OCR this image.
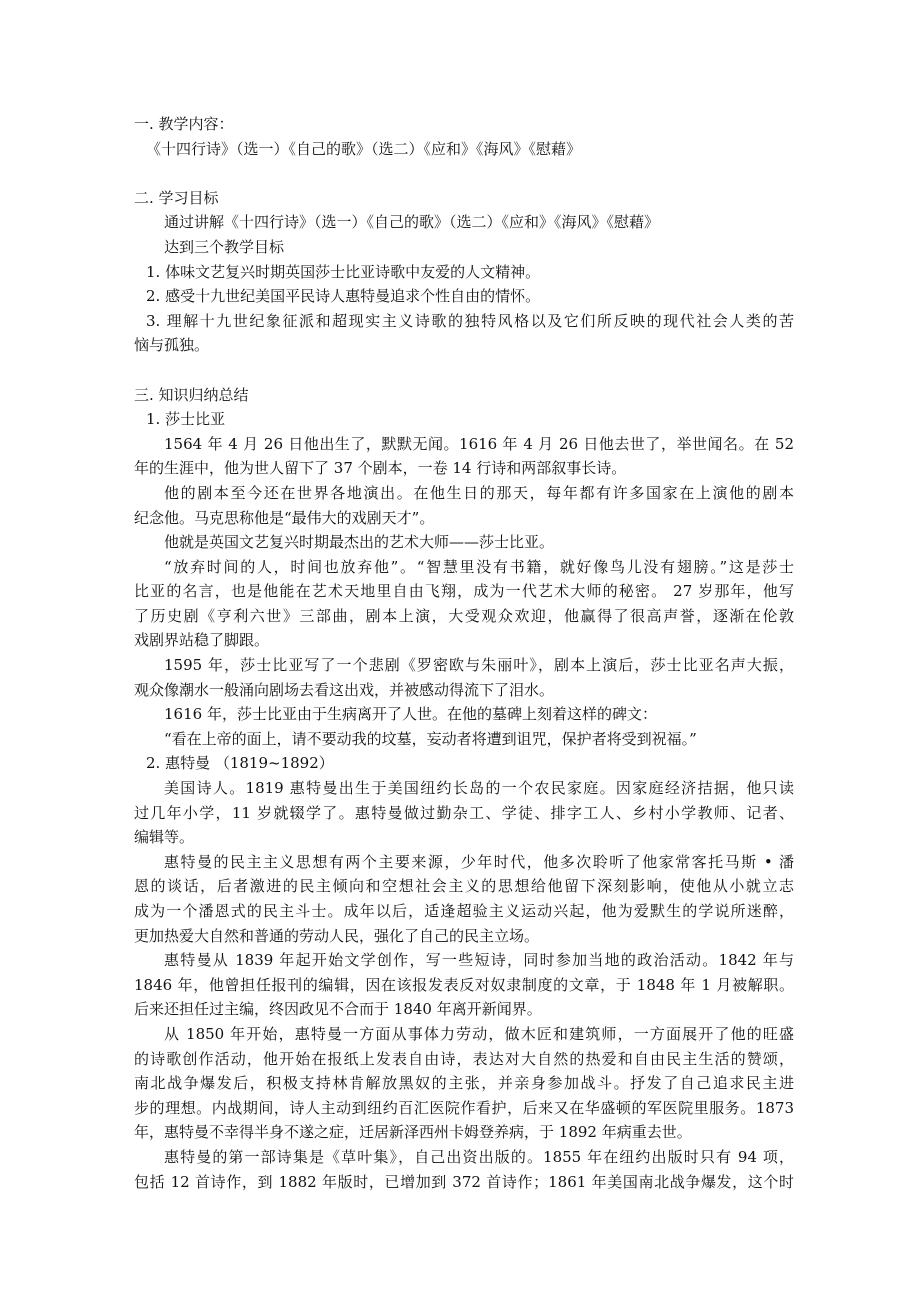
一. 教学内容：
《十四行诗》（选一）《自己的歌》（选二）《应和》《海风》《慰藉》
二. 学习目标
通过讲解《十四行诗》（选一）《自己的歌》（选二）《应和》《海风》《慰藉》
达到三个教学目标
1. 体味文艺复兴时期英国莎士比亚诗歌中友爱的人文精神。
2. 感受十九世纪美国平民诗人惠特曼追求个性自由的情怀。
3. 理解十九世纪象征派和超现实主义诗歌的独特风格以及它们所反映的现代社会人类的苦
恼与孤独。
三. 知识归纳总结
1. 莎士比亚
1564 年 4 月 26 日他出生了，默默无闻。1616 年 4 月 26 日他去世了，举世闻名。在 52
年的生涯中，他为世人留下了 37 个剧本，一卷 14 行诗和两部叙事长诗。
他的剧本至今还在世界各地演出。在他生日的那天，每年都有许多国家在上演他的剧本
纪念他。马克思称他是“最伟大的戏剧天才”。
他就是英国文艺复兴时期最杰出的艺术大师——莎士比亚。
“放弃时间的人，时间也放弃他”。“智慧里没有书籍，就好像鸟儿没有翅膀。”这是莎士
比亚的名言，也是他能在艺术天地里自由飞翔，成为一代艺术大师的秘密。 27 岁那年，他写
了历史剧《亨利六世》三部曲，剧本上演，大受观众欢迎，他赢得了很高声誉，逐渐在伦敦
戏剧界站稳了脚跟。
1595 年，莎士比亚写了一个悲剧《罗密欧与朱丽叶》，剧本上演后，莎士比亚名声大振，
观众像潮水一般涌向剧场去看这出戏，并被感动得流下了泪水。
1616 年，莎士比亚由于生病离开了人世。在他的墓碑上刻着这样的碑文：
“看在上帝的面上，请不要动我的坟墓，妄动者将遭到诅咒，保护者将受到祝福。”
2. 惠特曼 （1819~1892）
美国诗人。1819 惠特曼出生于美国纽约长岛的一个农民家庭。因家庭经济拮据，他只读
过几年小学，11 岁就辍学了。惠特曼做过勤杂工、学徒、排字工人、乡村小学教师、记者、
编辑等。
惠特曼的民主主义思想有两个主要来源，少年时代，他多次聆听了他家常客托马斯 • 潘
恩的谈话，后者激进的民主倾向和空想社会主义的思想给他留下深刻影响，使他从小就立志
成为一个潘恩式的民主斗士。成年以后，适逢超验主义运动兴起，他为爱默生的学说所迷醉，
更加热爱大自然和普通的劳动人民，强化了自己的民主立场。
惠特曼从 1839 年起开始文学创作，写一些短诗，同时参加当地的政治活动。1842 年与
1846 年，他曾担任报刊的编辑，因在该报发表反对奴隶制度的文章，于 1848 年 1 月被解职。
后来还担任过主编，终因政见不合而于 1840 年离开新闻界。
从 1850 年开始，惠特曼一方面从事体力劳动，做木匠和建筑师，一方面展开了他的旺盛
的诗歌创作活动，他开始在报纸上发表自由诗，表达对大自然的热爱和自由民主生活的赞颂，
南北战争爆发后，积极支持林肯解放黑奴的主张，并亲身参加战斗。抒发了自己追求民主进
步的理想。内战期间，诗人主动到纽约百汇医院作看护，后来又在华盛顿的军医院里服务。1873
年，惠特曼不幸得半身不遂之症，迁居新泽西州卡姆登养病，于 1892 年病重去世。
惠特曼的第一部诗集是《草叶集》，自己出资出版的。1855 年在纽约出版时只有 94 项，
包括 12 首诗作，到 1882 年版时，已增加到 372 首诗作；1861 年美国南北战争爆发，这个时
